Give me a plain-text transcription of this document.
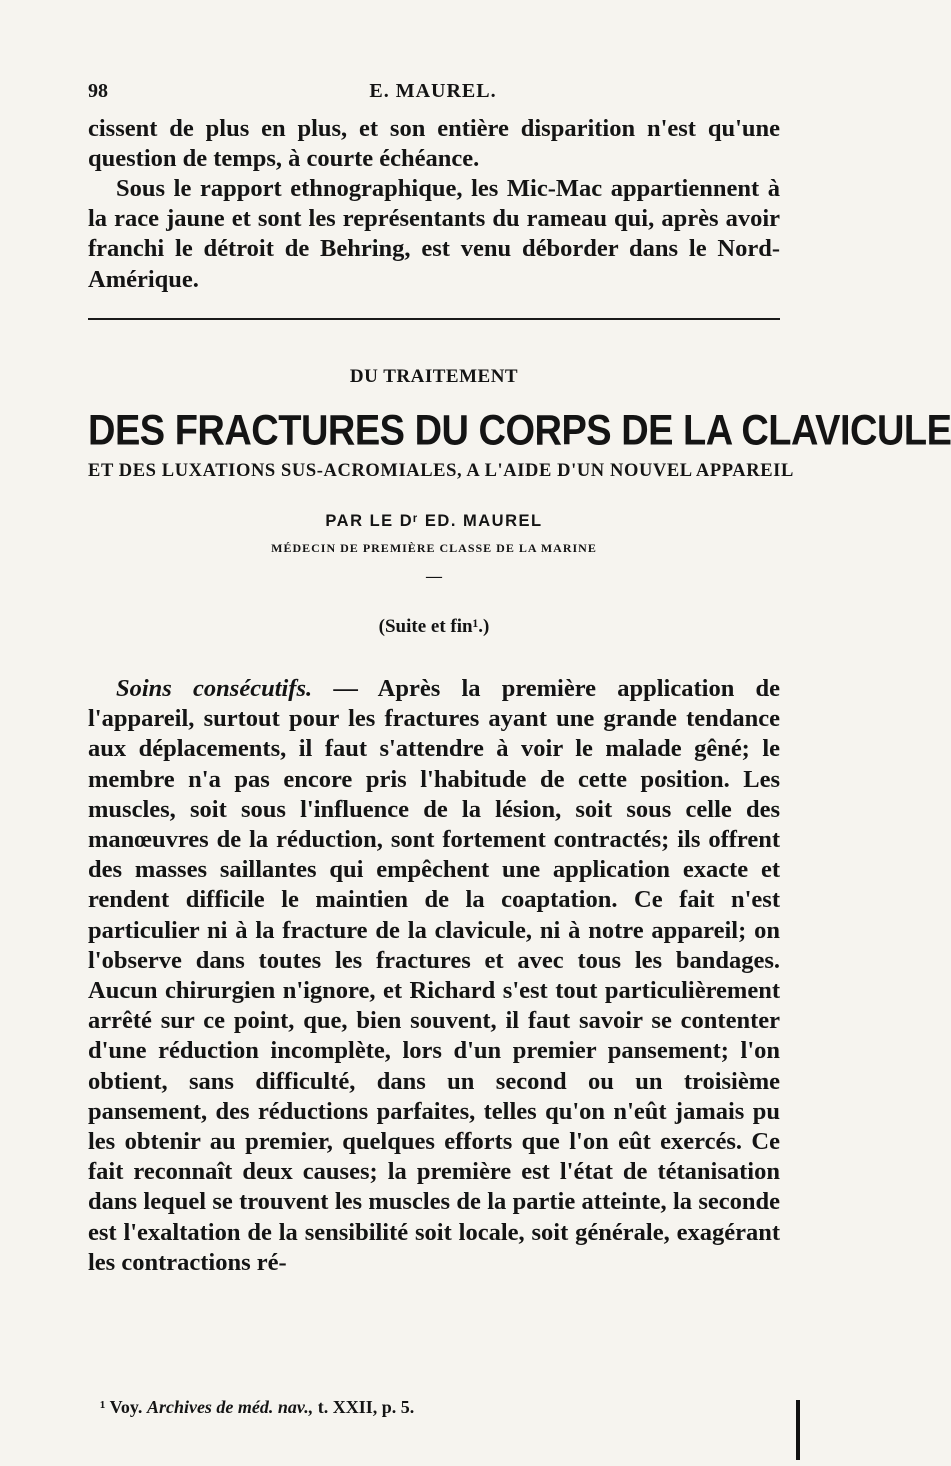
98	E. MAUREL.

cissent de plus en plus, et son entière disparition n'est qu'une question de temps, à courte échéance.

Sous le rapport ethnographique, les Mic-Mac appartiennent à la race jaune et sont les représentants du rameau qui, après avoir franchi le détroit de Behring, est venu déborder dans le Nord-Amérique.

DU TRAITEMENT

DES FRACTURES DU CORPS DE LA CLAVICULE

ET DES LUXATIONS SUS-ACROMIALES, A L'AIDE D'UN NOUVEL APPAREIL

PAR LE Dʳ ED. MAUREL

MÉDECIN DE PREMIÈRE CLASSE DE LA MARINE

—

(Suite et fin¹.)

Soins consécutifs. — Après la première application de l'appareil, surtout pour les fractures ayant une grande tendance aux déplacements, il faut s'attendre à voir le malade gêné; le membre n'a pas encore pris l'habitude de cette position. Les muscles, soit sous l'influence de la lésion, soit sous celle des manœuvres de la réduction, sont fortement contractés; ils offrent des masses saillantes qui empêchent une application exacte et rendent difficile le maintien de la coaptation. Ce fait n'est particulier ni à la fracture de la clavicule, ni à notre appareil; on l'observe dans toutes les fractures et avec tous les bandages. Aucun chirurgien n'ignore, et Richard s'est tout particulièrement arrêté sur ce point, que, bien souvent, il faut savoir se contenter d'une réduction incomplète, lors d'un premier pansement; l'on obtient, sans difficulté, dans un second ou un troisième pansement, des réductions parfaites, telles qu'on n'eût jamais pu les obtenir au premier, quelques efforts que l'on eût exercés. Ce fait reconnaît deux causes; la première est l'état de tétanisation dans lequel se trouvent les muscles de la partie atteinte, la seconde est l'exaltation de la sensibilité soit locale, soit générale, exagérant les contractions ré-

¹ Voy. Archives de méd. nav., t. XXII, p. 5.
